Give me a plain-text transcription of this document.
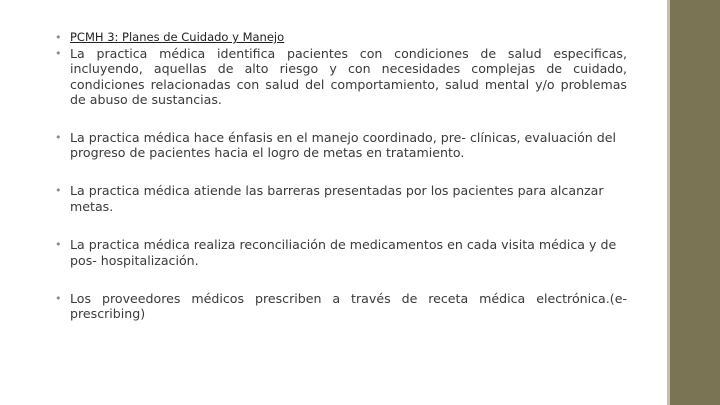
• PCMH 3: Planes de Cuidado y Manejo
• La practica médica identifica pacientes con condiciones de salud especificas, incluyendo, aquellas de alto riesgo y con necesidades complejas de cuidado, condiciones relacionadas con salud del comportamiento, salud mental y/o problemas de abuso de sustancias.
• La practica médica hace énfasis en el manejo coordinado, pre- clínicas, evaluación del progreso de pacientes hacia el logro de metas en tratamiento.
• La practica médica atiende las barreras presentadas por los pacientes para alcanzar metas.
• La practica médica realiza reconciliación de medicamentos en cada visita médica y de pos- hospitalización.
• Los proveedores médicos prescriben a través de receta médica electrónica.(e-prescribing)
